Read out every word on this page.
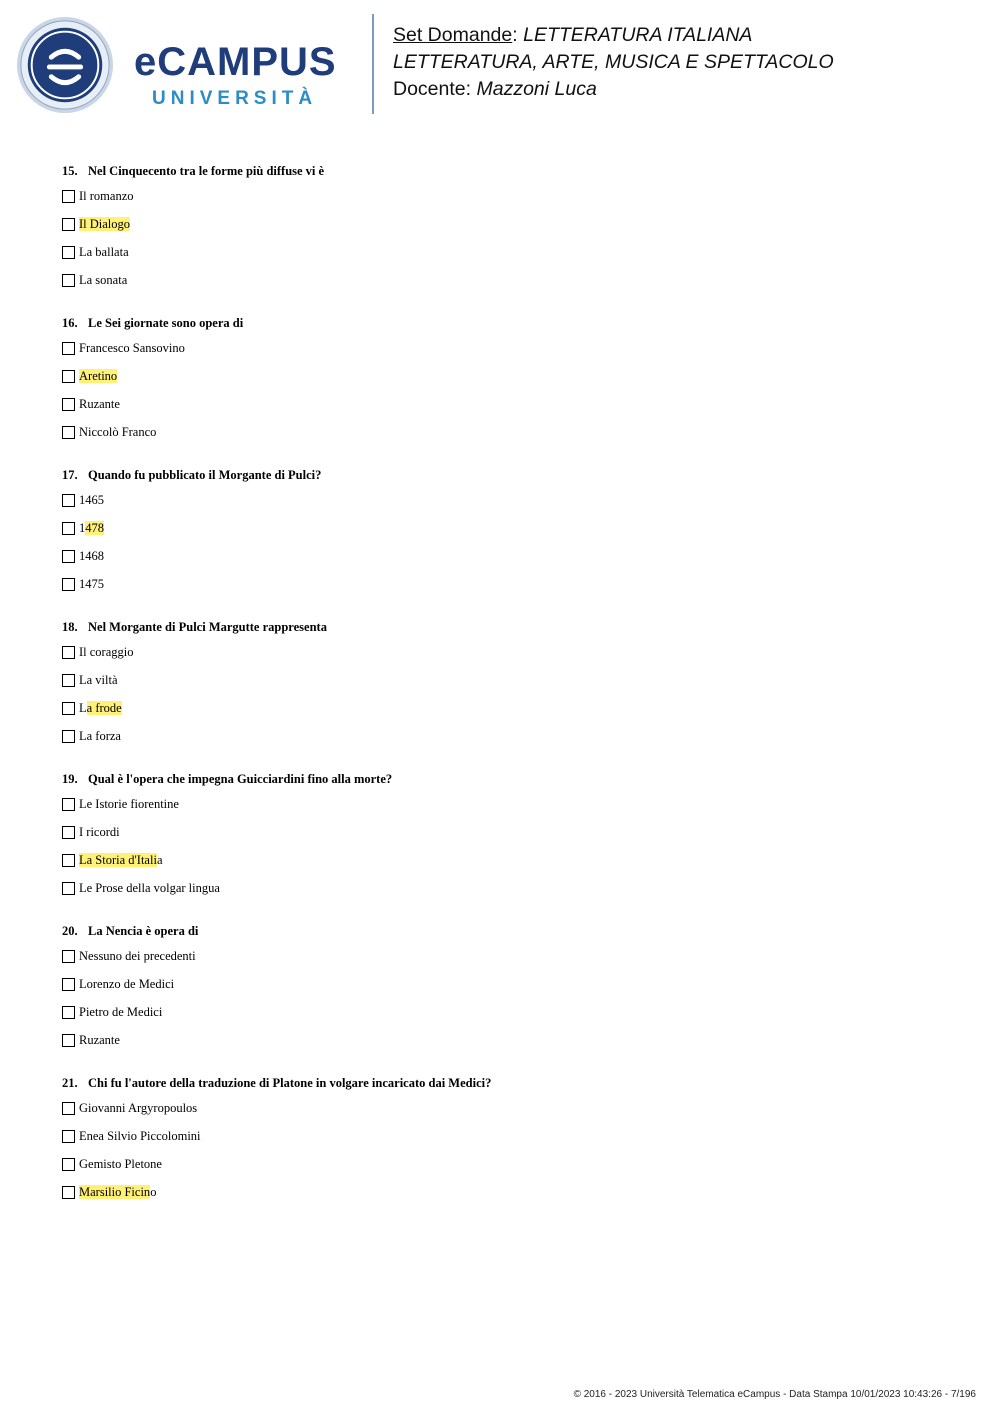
eCAMPUS
UNIVERSITÀ
Set Domande: LETTERATURA ITALIANA
LETTERATURA, ARTE, MUSICA E SPETTACOLO
Docente: Mazzoni Luca
15. Nel Cinquecento tra le forme più diffuse vi è
Il romanzo
Il Dialogo
La ballata
La sonata
16. Le Sei giornate sono opera di
Francesco Sansovino
Aretino
Ruzante
Niccolò Franco
17. Quando fu pubblicato il Morgante di Pulci?
1465
1478
1468
1475
18. Nel Morgante di Pulci Margutte rappresenta
Il coraggio
La viltà
La frode
La forza
19. Qual è l'opera che impegna Guicciardini fino alla morte?
Le Istorie fiorentine
I ricordi
La Storia d'Italia
Le Prose della volgar lingua
20. La Nencia è opera di
Nessuno dei precedenti
Lorenzo de Medici
Pietro de Medici
Ruzante
21. Chi fu l'autore della traduzione di Platone in volgare incaricato dai Medici?
Giovanni Argyropoulos
Enea Silvio Piccolomini
Gemisto Pletone
Marsilio Ficino
© 2016 - 2023 Università Telematica eCampus - Data Stampa 10/01/2023 10:43:26 - 7/196
